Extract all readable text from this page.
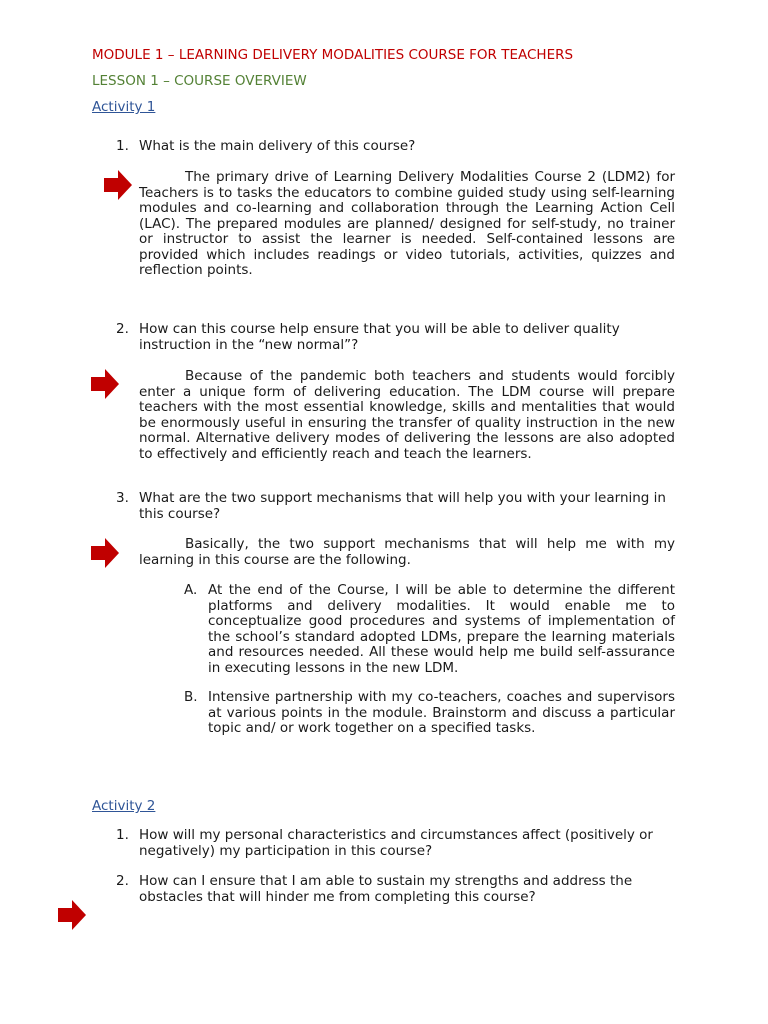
MODULE 1 – LEARNING DELIVERY MODALITIES COURSE FOR TEACHERS
LESSON 1 – COURSE OVERVIEW
Activity 1
1. What is the main delivery of this course?

The primary drive of Learning Delivery Modalities Course 2 (LDM2) for Teachers is to tasks the educators to combine guided study using self-learning modules and co-learning and collaboration through the Learning Action Cell (LAC). The prepared modules are planned/ designed for self-study, no trainer or instructor to assist the learner is needed. Self-contained lessons are provided which includes readings or video tutorials, activities, quizzes and reflection points.

2. How can this course help ensure that you will be able to deliver quality instruction in the “new normal”?

Because of the pandemic both teachers and students would forcibly enter a unique form of delivering education. The LDM course will prepare teachers with the most essential knowledge, skills and mentalities that would be enormously useful in ensuring the transfer of quality instruction in the new normal. Alternative delivery modes of delivering the lessons are also adopted to effectively and efficiently reach and teach the learners.

3. What are the two support mechanisms that will help you with your learning in this course?

Basically, the two support mechanisms that will help me with my learning in this course are the following.

A. At the end of the Course, I will be able to determine the different platforms and delivery modalities. It would enable me to conceptualize good procedures and systems of implementation of the school’s standard adopted LDMs, prepare the learning materials and resources needed. All these would help me build self-assurance in executing lessons in the new LDM.
B. Intensive partnership with my co-teachers, coaches and supervisors at various points in the module. Brainstorm and discuss a particular topic and/ or work together on a specified tasks.
Activity 2
1. How will my personal characteristics and circumstances affect (positively or negatively) my participation in this course?
2. How can I ensure that I am able to sustain my strengths and address the obstacles that will hinder me from completing this course?
